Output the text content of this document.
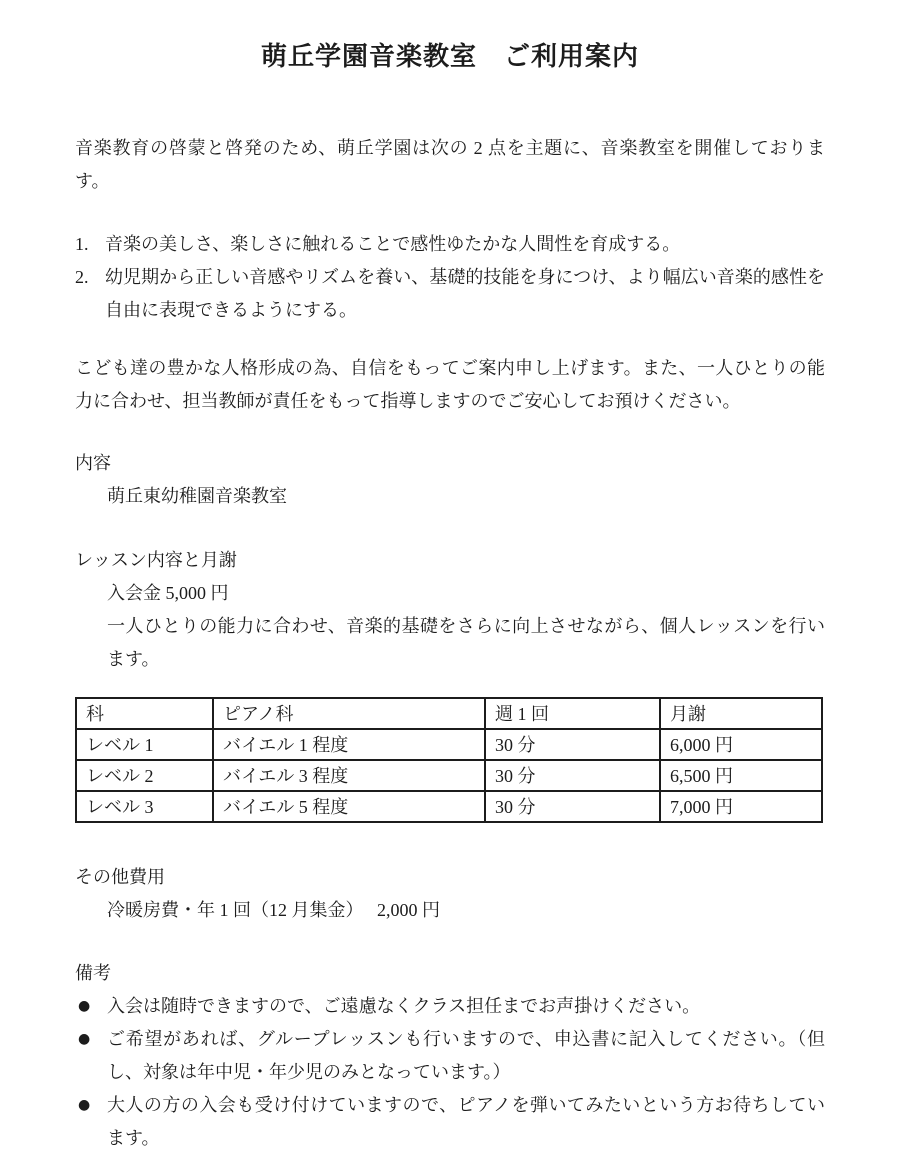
萌丘学園音楽教室　ご利用案内

音楽教育の啓蒙と啓発のため、萌丘学園は次の 2 点を主題に、音楽教室を開催しております。

1. 音楽の美しさ、楽しさに触れることで感性ゆたかな人間性を育成する。
2. 幼児期から正しい音感やリズムを養い、基礎的技能を身につけ、より幅広い音楽的感性を自由に表現できるようにする。

こども達の豊かな人格形成の為、自信をもってご案内申し上げます。また、一人ひとりの能力に合わせ、担当教師が責任をもって指導しますのでご安心してお預けください。

内容
萌丘東幼稚園音楽教室
レッスン内容と月謝
入会金 5,000 円
一人ひとりの能力に合わせ、音楽的基礎をさらに向上させながら、個人レッスンを行います。
科	ピアノ科	週 1 回	月謝
レベル 1	バイエル 1 程度	30 分	6,000 円
レベル 2	バイエル 3 程度	30 分	6,500 円
レベル 3	バイエル 5 程度	30 分	7,000 円
その他費用
冷暖房費・年 1 回（12 月集金）　 2,000 円
備考
● 入会は随時できますので、ご遠慮なくクラス担任までお声掛けください。
● ご希望があれば、グループレッスンも行いますので、申込書に記入してください。（但し、対象は年中児・年少児のみとなっています。）
● 大人の方の入会も受け付けていますので、ピアノを弾いてみたいという方お待ちしています。
